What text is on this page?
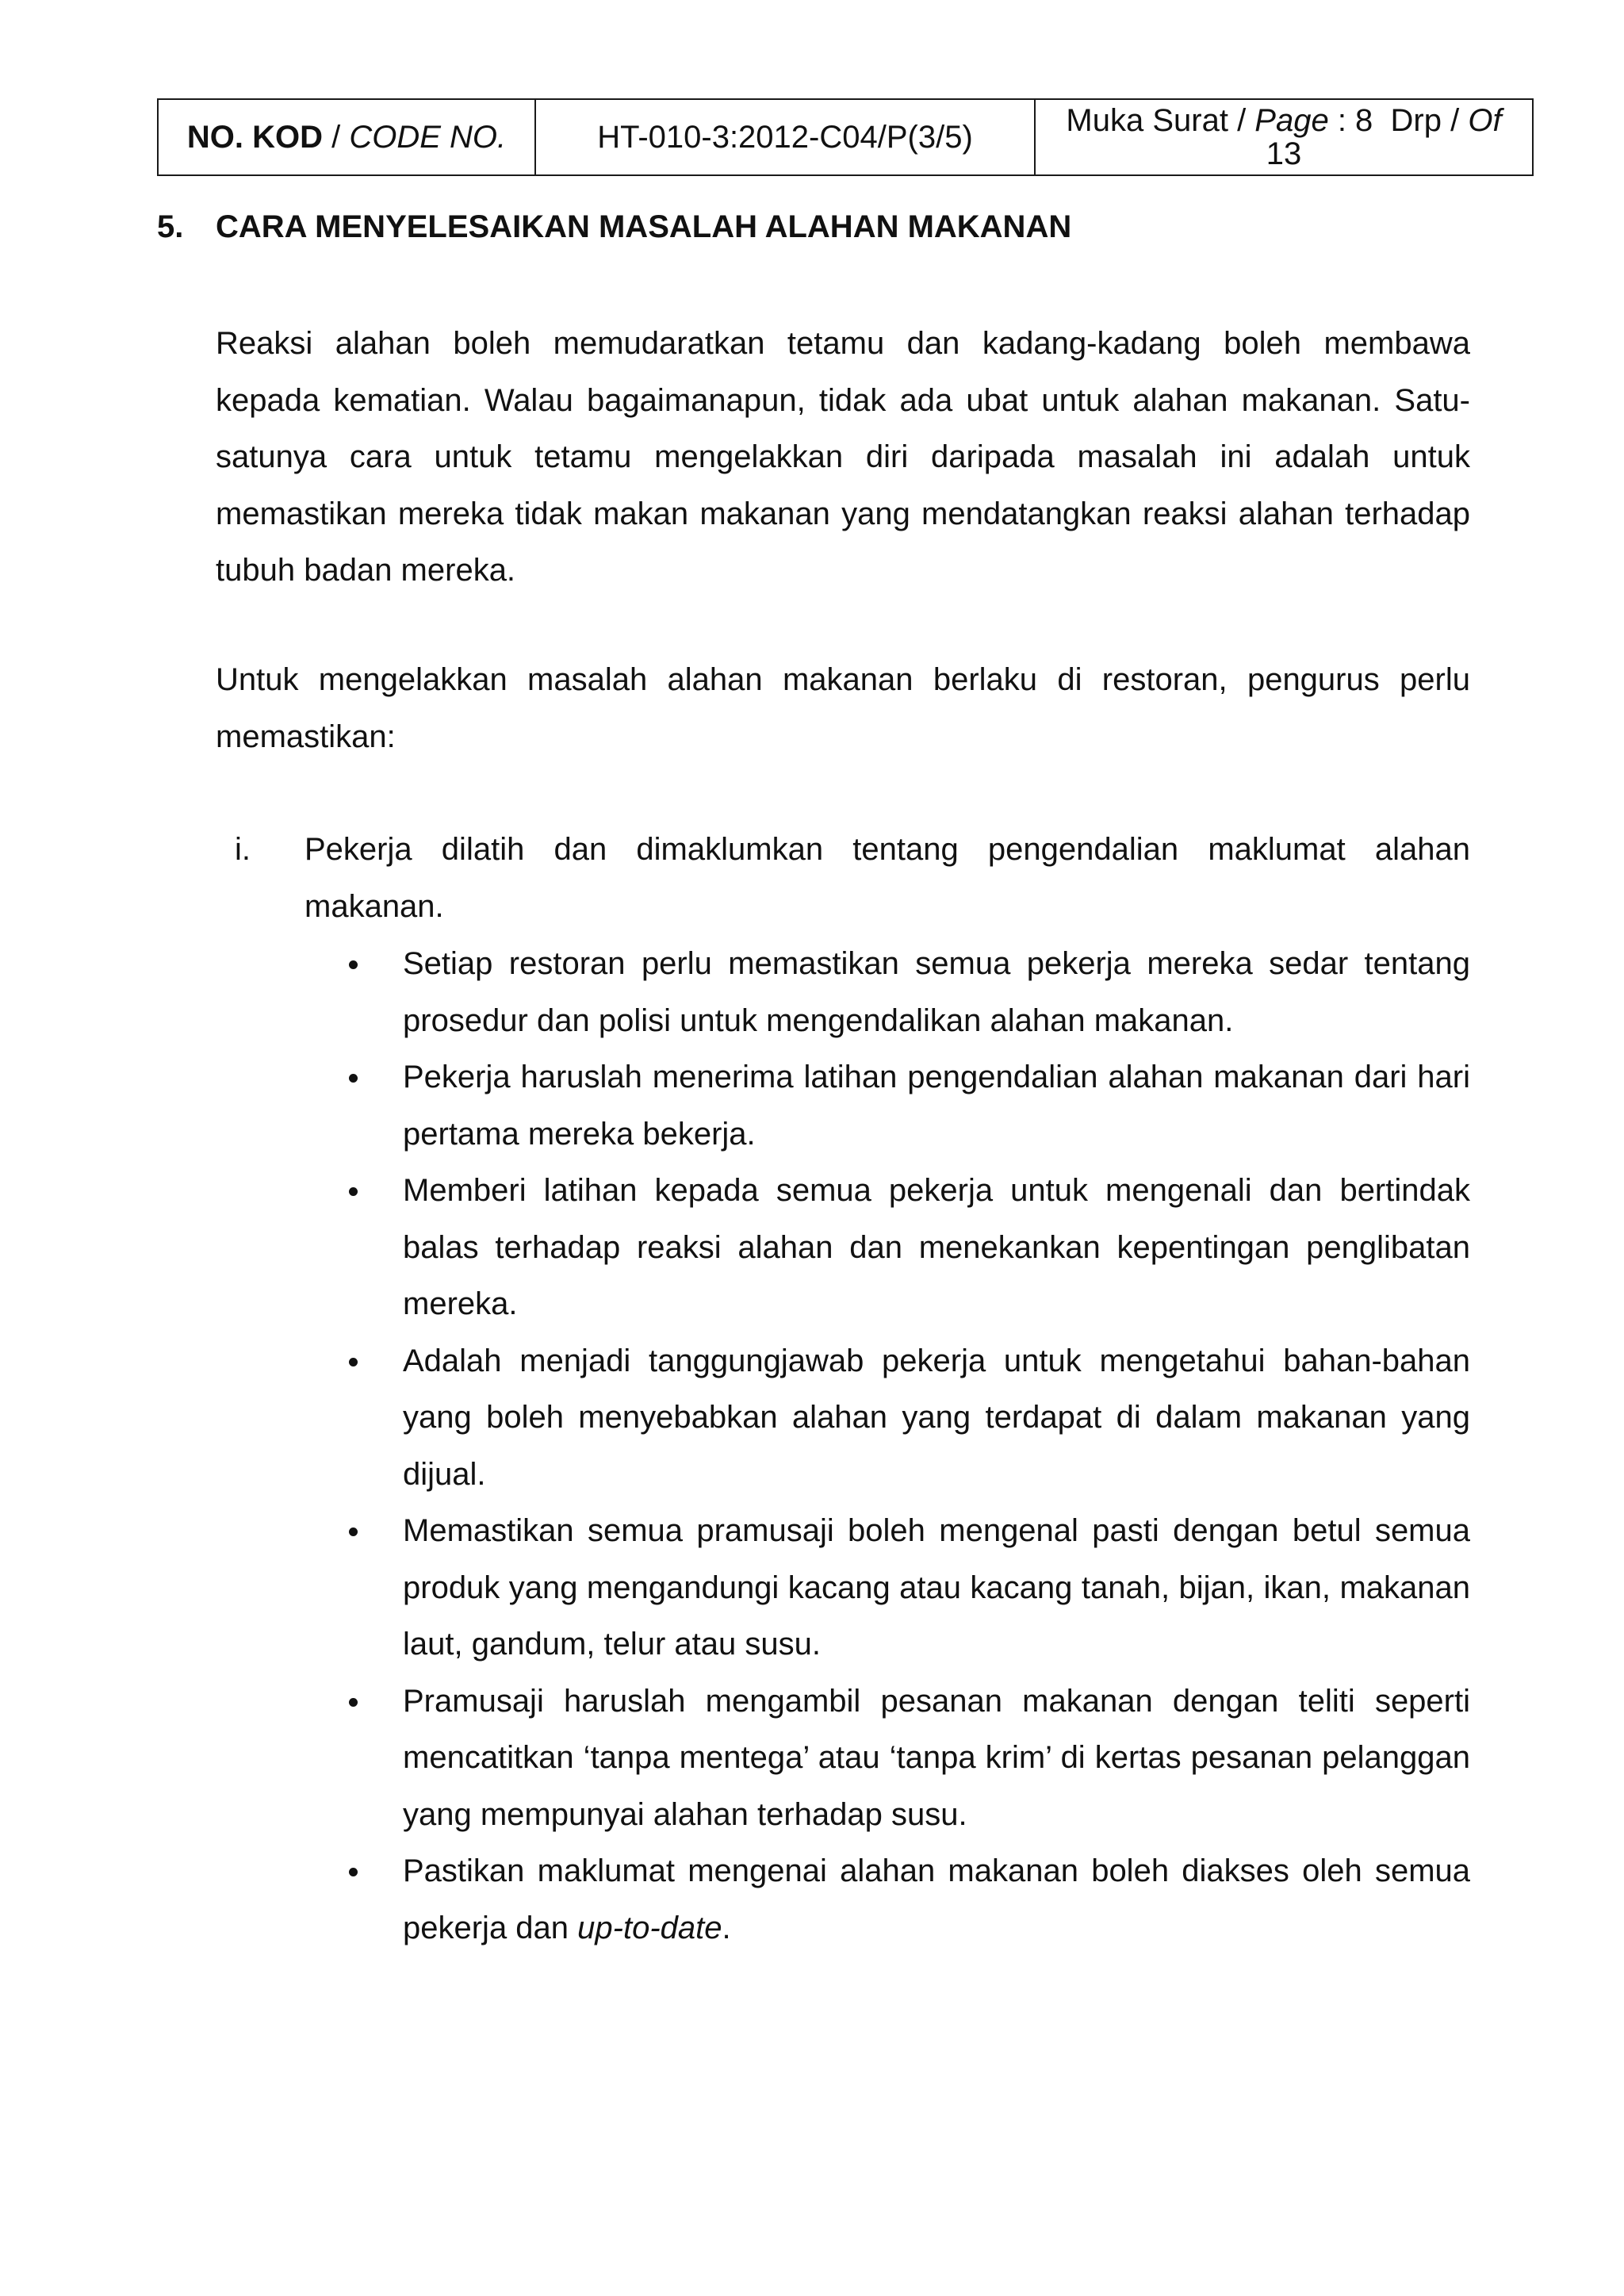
NO. KOD / CODE NO.	HT-010-3:2012-C04/P(3/5)	Muka Surat / Page : 8  Drp / Of
13
5. CARA MENYELESAIKAN MASALAH ALAHAN MAKANAN

Reaksi alahan boleh memudaratkan tetamu dan kadang-kadang boleh membawa kepada kematian. Walau bagaimanapun, tidak ada ubat untuk alahan makanan. Satu-satunya cara untuk tetamu mengelakkan diri daripada masalah ini adalah untuk memastikan mereka tidak makan makanan yang mendatangkan reaksi alahan terhadap tubuh badan mereka.

Untuk mengelakkan masalah alahan makanan berlaku di restoran, pengurus perlu memastikan:

i. Pekerja dilatih dan dimaklumkan tentang pengendalian maklumat alahan makanan.
Setiap restoran perlu memastikan semua pekerja mereka sedar tentang prosedur dan polisi untuk mengendalikan alahan makanan.
Pekerja haruslah menerima latihan pengendalian alahan makanan dari hari pertama mereka bekerja.
Memberi latihan kepada semua pekerja untuk mengenali dan bertindak balas terhadap reaksi alahan dan menekankan kepentingan penglibatan mereka.
Adalah menjadi tanggungjawab pekerja untuk mengetahui bahan-bahan yang boleh menyebabkan alahan yang terdapat di dalam makanan yang dijual.
Memastikan semua pramusaji boleh mengenal pasti dengan betul semua produk yang mengandungi kacang atau kacang tanah, bijan, ikan, makanan laut, gandum, telur atau susu.
Pramusaji haruslah mengambil pesanan makanan dengan teliti seperti mencatitkan ‘tanpa mentega’ atau ‘tanpa krim’ di kertas pesanan pelanggan yang mempunyai alahan terhadap susu.
Pastikan maklumat mengenai alahan makanan boleh diakses oleh semua pekerja dan up-to-date.
